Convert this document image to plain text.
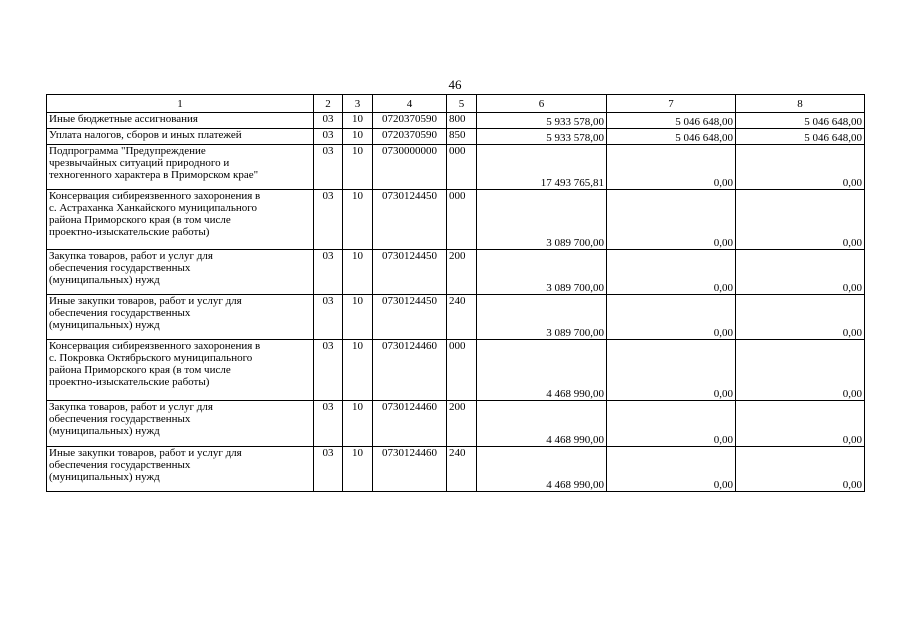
46
1	2	3	4	5	6	7	8
Иные бюджетные ассигнования	03	10	0720370590	800	5 933 578,00	5 046 648,00	5 046 648,00
Уплата налогов, сборов и иных платежей	03	10	0720370590	850	5 933 578,00	5 046 648,00	5 046 648,00
Подпрограмма "Предупреждение
чрезвычайных ситуаций природного и
техногенного характера в Приморском крае"	03	10	0730000000	000	17 493 765,81	0,00	0,00
Консервация сибиреязвенного захоронения в
с. Астраханка Ханкайского муниципального
района Приморского края (в том числе
проектно-изыскательские работы)	03	10	0730124450	000	3 089 700,00	0,00	0,00
Закупка товаров, работ и услуг для
обеспечения государственных
(муниципальных) нужд	03	10	0730124450	200	3 089 700,00	0,00	0,00
Иные закупки товаров, работ и услуг для
обеспечения государственных
(муниципальных) нужд	03	10	0730124450	240	3 089 700,00	0,00	0,00
Консервация сибиреязвенного захоронения в
с. Покровка Октябрьского муниципального
района Приморского края (в том числе
проектно-изыскательские работы)	03	10	0730124460	000	4 468 990,00	0,00	0,00
Закупка товаров, работ и услуг для
обеспечения государственных
(муниципальных) нужд	03	10	0730124460	200	4 468 990,00	0,00	0,00
Иные закупки товаров, работ и услуг для
обеспечения государственных
(муниципальных) нужд	03	10	0730124460	240	4 468 990,00	0,00	0,00
